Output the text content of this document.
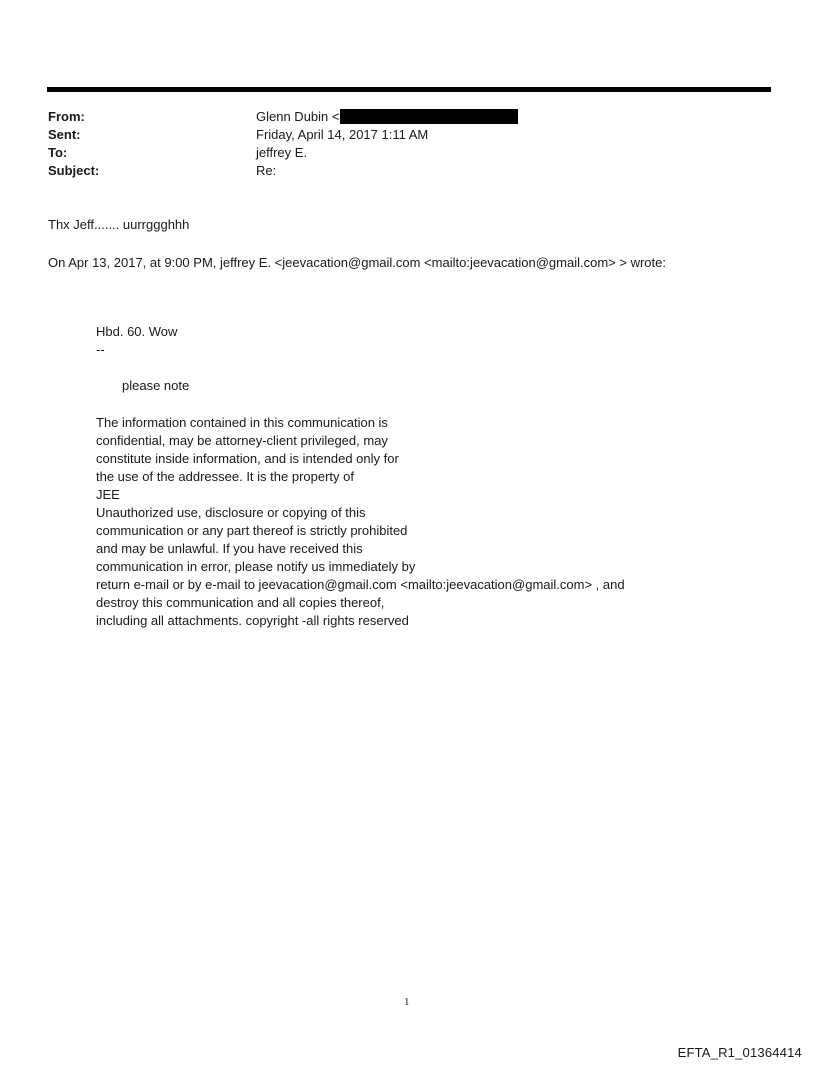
From:	Glenn Dubin <
Sent:	Friday, April 14, 2017 1:11 AM
To:	jeffrey E.
Subject:	Re:
Thx Jeff....... uurrggghhh
On Apr 13, 2017, at 9:00 PM, jeffrey E. <jeevacation@gmail.com <mailto:jeevacation@gmail.com> > wrote:
Hbd. 60. Wow
--
please note
The information contained in this communication is
confidential, may be attorney-client privileged, may
constitute inside information, and is intended only for
the use of the addressee. It is the property of
JEE
Unauthorized use, disclosure or copying of this
communication or any part thereof is strictly prohibited
and may be unlawful. If you have received this
communication in error, please notify us immediately by
return e-mail or by e-mail to jeevacation@gmail.com <mailto:jeevacation@gmail.com> , and
destroy this communication and all copies thereof,
including all attachments. copyright -all rights reserved
1
EFTA_R1_01364414
